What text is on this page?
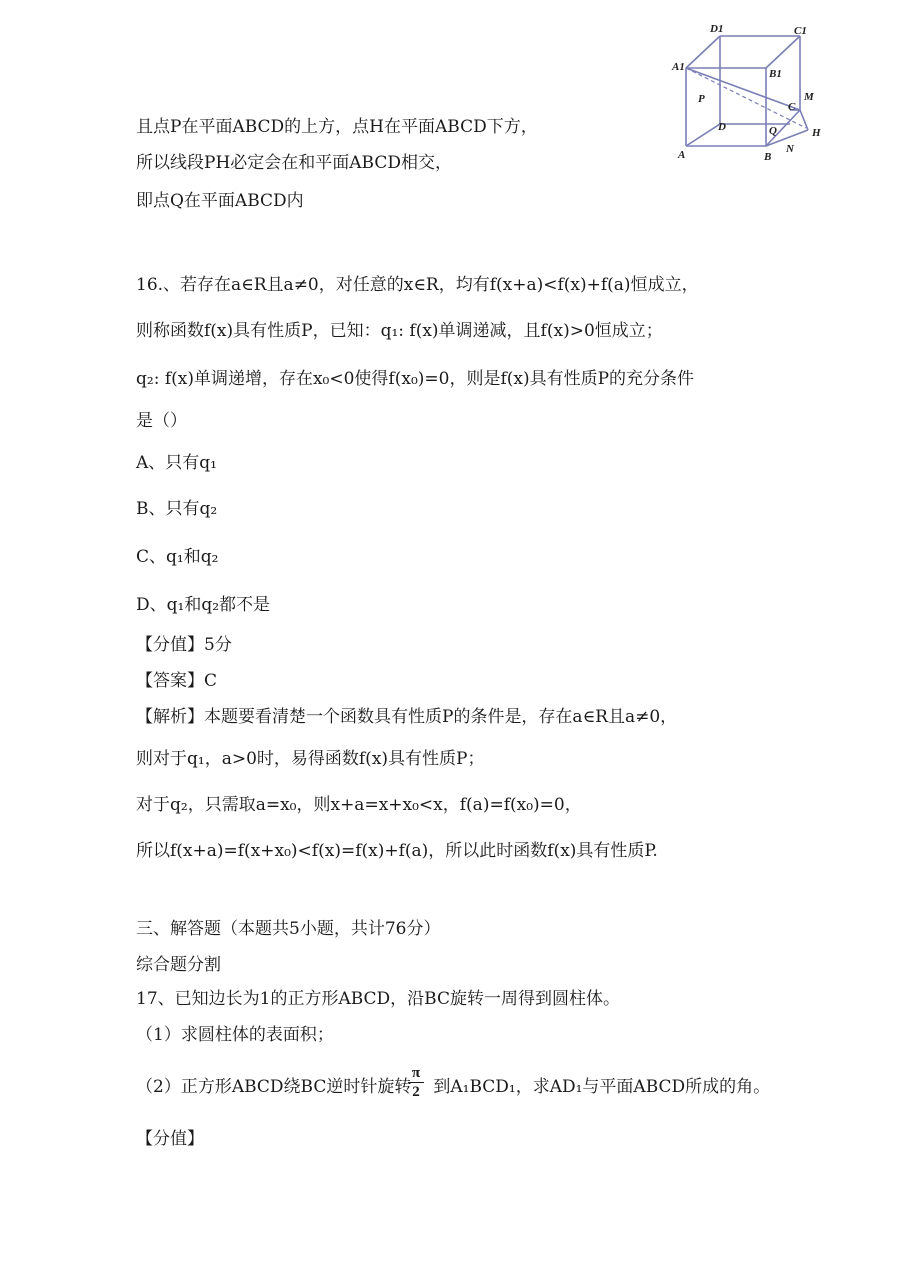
D1	C1
A1
B1
M
P
C
D	Q	H
A	B
N
且点P在平面ABCD的上方，点H在平面ABCD下方，
所以线段PH必定会在和平面ABCD相交，
即点Q在平面ABCD内
16.、若存在a∈R且a≠0，对任意的x∈R，均有f(x+a)<f(x)+f(a)恒成立，
则称函数f(x)具有性质P，已知：q₁: f(x)单调递减，且f(x)>0恒成立；
q₂: f(x)单调递增，存在x₀<0使得f(x₀)=0，则是f(x)具有性质P的充分条件
是（）
A、只有q₁
B、只有q₂
C、q₁和q₂
D、q₁和q₂都不是
【分值】5分
【答案】C
【解析】本题要看清楚一个函数具有性质P的条件是，存在a∈R且a≠0，
则对于q₁，a>0时，易得函数f(x)具有性质P；
对于q₂，只需取a=x₀，则x+a=x+x₀<x，f(a)=f(x₀)=0，
所以f(x+a)=f(x+x₀)<f(x)=f(x)+f(a)，所以此时函数f(x)具有性质P.
三、解答题（本题共5小题，共计76分）
综合题分割
17、已知边长为1的正方形ABCD，沿BC旋转一周得到圆柱体。
（1）求圆柱体的表面积；
（2）正方形ABCD绕BC逆时针旋转 到A₁BCD₁，求AD₁与平面ABCD所成的角。
$\frac{\pi}{2}$
【分值】
